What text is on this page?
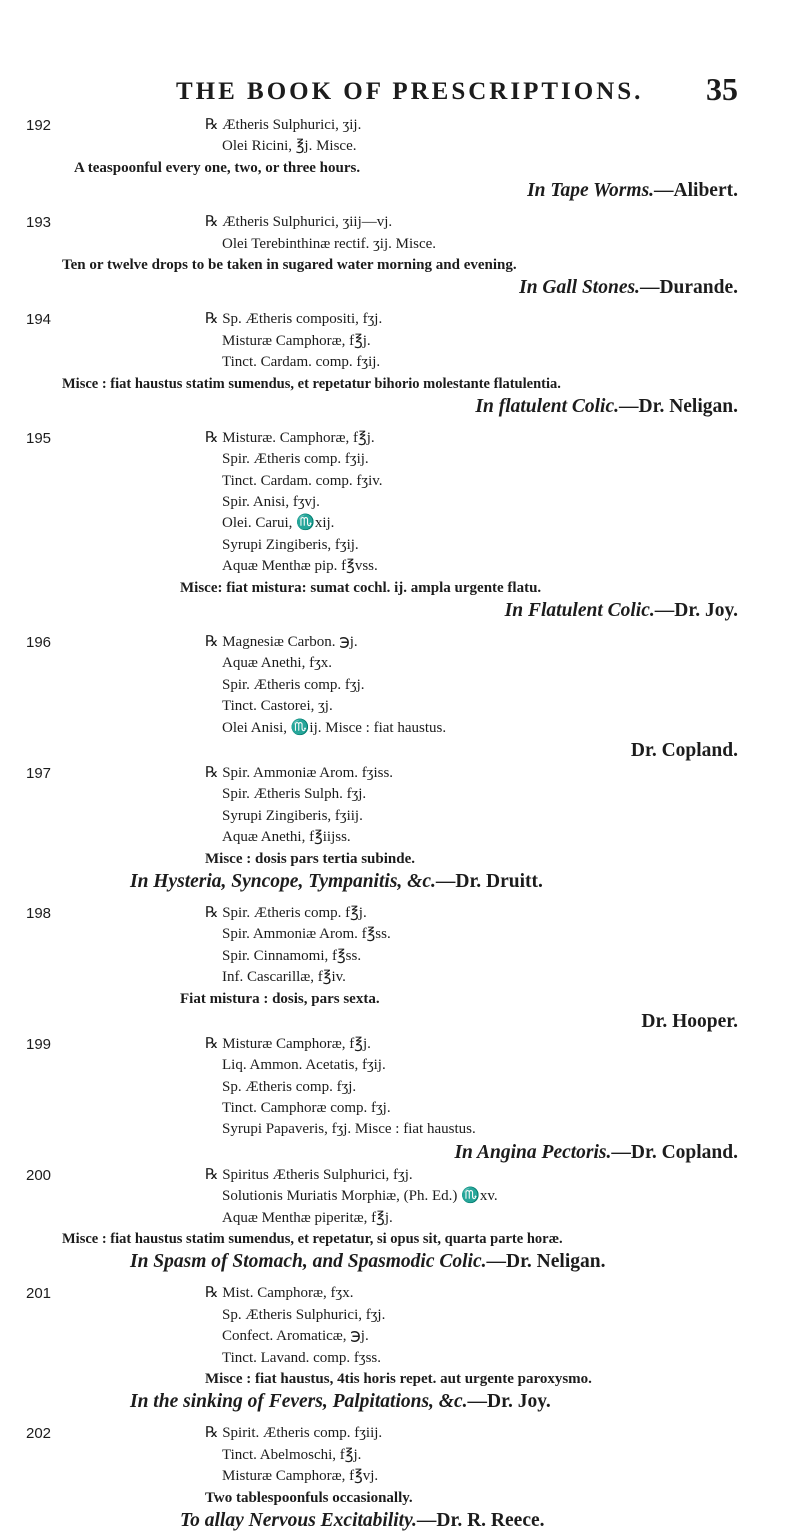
THE BOOK OF PRESCRIPTIONS. 35
192	℞ Ætheris Sulphurici, ʒij.
Olei Ricini, ℥j. Misce.
A teaspoonful every one, two, or three hours.
In Tape Worms.—Alibert.
193	℞ Ætheris Sulphurici, ʒiij—vj.
Olei Terebinthinæ rectif. ʒij. Misce.
Ten or twelve drops to be taken in sugared water morning and evening.
In Gall Stones.—Durande.
194	℞ Sp. Ætheris compositi, fʒj.
Misturæ Camphoræ, f℥j.
Tinct. Cardam. comp. fʒij.
Misce : fiat haustus statim sumendus, et repetatur bihorio molestante flatulentia.
In flatulent Colic.—Dr. Neligan.
195	℞ Misturæ. Camphoræ, f℥j.
Spir. Ætheris comp. fʒij.
Tinct. Cardam. comp. fʒiv.
Spir. Anisi, fʒvj.
Olei. Carui, ♏xij.
Syrupi Zingiberis, fʒij.
Aquæ Menthæ pip. f℥vss.
Misce: fiat mistura: sumat cochl. ij. ampla urgente flatu.
In Flatulent Colic.—Dr. Joy.
196	℞ Magnesiæ Carbon. ℈j.
Aquæ Anethi, fʒx.
Spir. Ætheris comp. fʒj.
Tinct. Castorei, ʒj.
Olei Anisi, ♏ij. Misce : fiat haustus.
Dr. Copland.
197	℞ Spir. Ammoniæ Arom. fʒiss.
Spir. Ætheris Sulph. fʒj.
Syrupi Zingiberis, fʒiij.
Aquæ Anethi, f℥iijss.
Misce : dosis pars tertia subinde.
In Hysteria, Syncope, Tympanitis, &c.—Dr. Druitt.
198	℞ Spir. Ætheris comp. f℥j.
Spir. Ammoniæ Arom. f℥ss.
Spir. Cinnamomi, f℥ss.
Inf. Cascarillæ, f℥iv.
Fiat mistura : dosis, pars sexta.
Dr. Hooper.
199	℞ Misturæ Camphoræ, f℥j.
Liq. Ammon. Acetatis, fʒij.
Sp. Ætheris comp. fʒj.
Tinct. Camphoræ comp. fʒj.
Syrupi Papaveris, fʒj. Misce : fiat haustus.
In Angina Pectoris.—Dr. Copland.
200	℞ Spiritus Ætheris Sulphurici, fʒj.
Solutionis Muriatis Morphiæ, (Ph. Ed.) ♏xv.
Aquæ Menthæ piperitæ, f℥j.
Misce : fiat haustus statim sumendus, et repetatur, si opus sit, quarta parte horæ.
In Spasm of Stomach, and Spasmodic Colic.—Dr. Neligan.
201	℞ Mist. Camphoræ, fʒx.
Sp. Ætheris Sulphurici, fʒj.
Confect. Aromaticæ, ℈j.
Tinct. Lavand. comp. fʒss.
Misce : fiat haustus, 4tis horis repet. aut urgente paroxysmo.
In the sinking of Fevers, Palpitations, &c.—Dr. Joy.
202	℞ Spirit. Ætheris comp. fʒiij.
Tinct. Abelmoschi, f℥j.
Misturæ Camphoræ, f℥vj.
Two tablespoonfuls occasionally.
To allay Nervous Excitability.—Dr. R. Reece.
